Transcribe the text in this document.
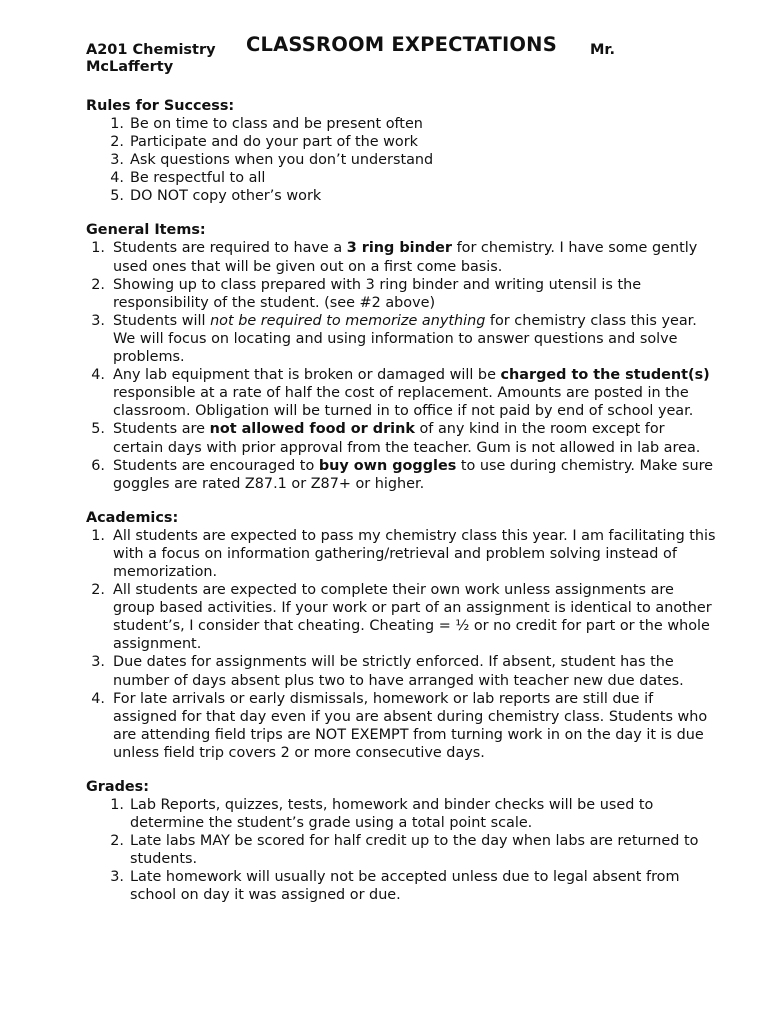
A201 Chemistry CLASSROOM EXPECTATIONS Mr.
McLafferty
Rules for Success:
1. Be on time to class and be present often
2. Participate and do your part of the work
3. Ask questions when you don’t understand
4. Be respectful to all
5. DO NOT copy other’s work
General Items:
1. Students are required to have a 3 ring binder for chemistry. I have some gently used ones that will be given out on a first come basis.
2. Showing up to class prepared with 3 ring binder and writing utensil is the responsibility of the student. (see #2 above)
3. Students will not be required to memorize anything for chemistry class this year. We will focus on locating and using information to answer questions and solve problems.
4. Any lab equipment that is broken or damaged will be charged to the student(s) responsible at a rate of half the cost of replacement. Amounts are posted in the classroom. Obligation will be turned in to office if not paid by end of school year.
5. Students are not allowed food or drink of any kind in the room except for certain days with prior approval from the teacher. Gum is not allowed in lab area.
6. Students are encouraged to buy own goggles to use during chemistry. Make sure goggles are rated Z87.1 or Z87+ or higher.
Academics:
1. All students are expected to pass my chemistry class this year. I am facilitating this with a focus on information gathering/retrieval and problem solving instead of memorization.
2. All students are expected to complete their own work unless assignments are group based activities. If your work or part of an assignment is identical to another student’s, I consider that cheating. Cheating = ½ or no credit for part or the whole assignment.
3. Due dates for assignments will be strictly enforced. If absent, student has the number of days absent plus two to have arranged with teacher new due dates.
4. For late arrivals or early dismissals, homework or lab reports are still due if assigned for that day even if you are absent during chemistry class. Students who are attending field trips are NOT EXEMPT from turning work in on the day it is due unless field trip covers 2 or more consecutive days.
Grades:
1. Lab Reports, quizzes, tests, homework and binder checks will be used to determine the student’s grade using a total point scale.
2. Late labs MAY be scored for half credit up to the day when labs are returned to students.
3. Late homework will usually not be accepted unless due to legal absent from school on day it was assigned or due.
